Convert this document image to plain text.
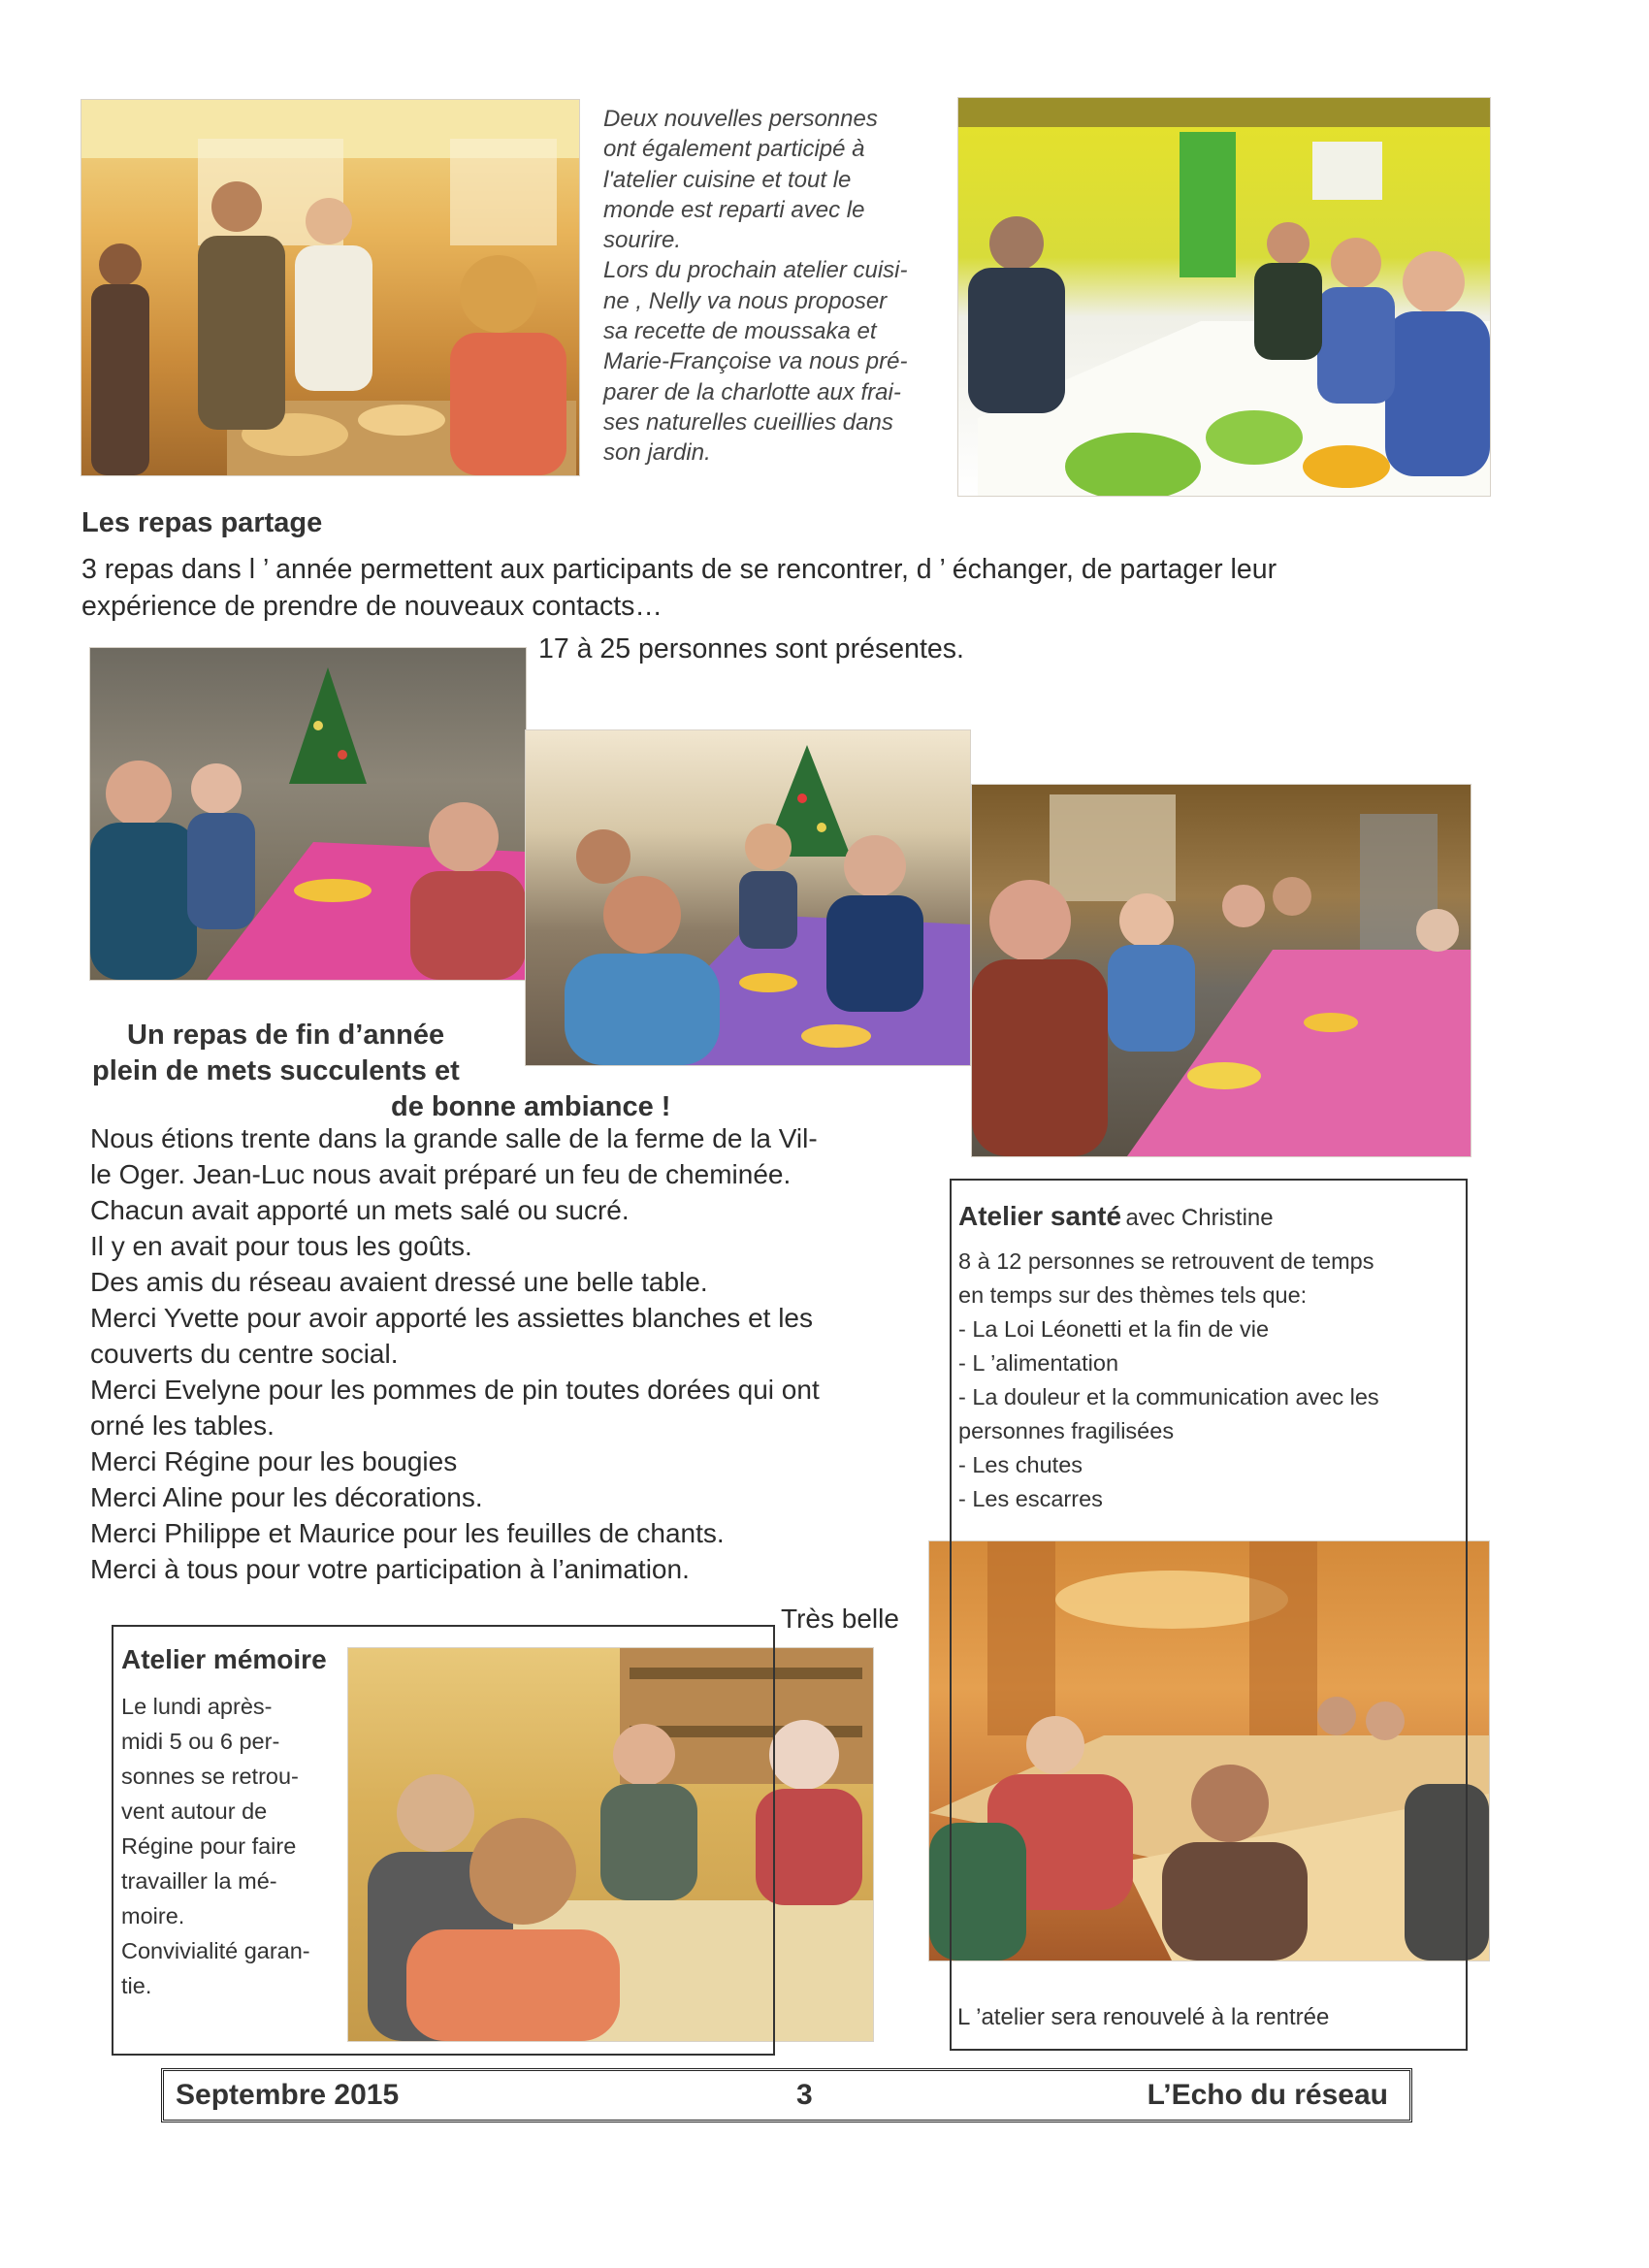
Deux nouvelles personnes
ont également participé à
l'atelier cuisine et tout le
monde est reparti avec le
sourire.
Lors du prochain atelier cuisi-
ne , Nelly va nous proposer
sa recette de moussaka et
Marie-Françoise va nous pré-
parer de la charlotte aux frai-
ses naturelles cueillies dans
son jardin.
Les repas partage
3 repas dans l ’ année permettent aux participants de se rencontrer, d ’ échanger, de partager leur
expérience de prendre de nouveaux contacts…
17 à 25 personnes sont présentes.
Un repas de fin d’année
plein de mets succulents et
de bonne ambiance !
Nous étions trente dans la grande salle de la ferme de la Vil-
le Oger. Jean-Luc nous avait préparé un feu de cheminée.
Chacun avait apporté un mets salé ou sucré.
Il y en avait pour tous les goûts.
Des amis du réseau avaient dressé une belle table.
Merci Yvette pour avoir apporté les assiettes blanches et les
couverts du centre social.
Merci Evelyne pour les pommes de pin toutes dorées qui ont
orné les tables.
Merci Régine pour les bougies
Merci Aline pour les décorations.
Merci Philippe et Maurice pour les feuilles de chants.
Merci à tous pour votre participation à l’animation.
Très belle
Atelier santé avec Christine
8 à 12 personnes se retrouvent de temps
en temps sur des thèmes tels que:
- La Loi Léonetti et la fin de vie
- L ’alimentation
- La douleur et la communication avec les
personnes fragilisées
- Les chutes
- Les escarres
L ’atelier sera renouvelé à la rentrée
Atelier mémoire
Le lundi après-
midi 5 ou 6 per-
sonnes se retrou-
vent autour de
Régine pour faire
travailler la mé-
moire.
Convivialité garan-
tie.
Septembre 2015	3	L’Echo du réseau
